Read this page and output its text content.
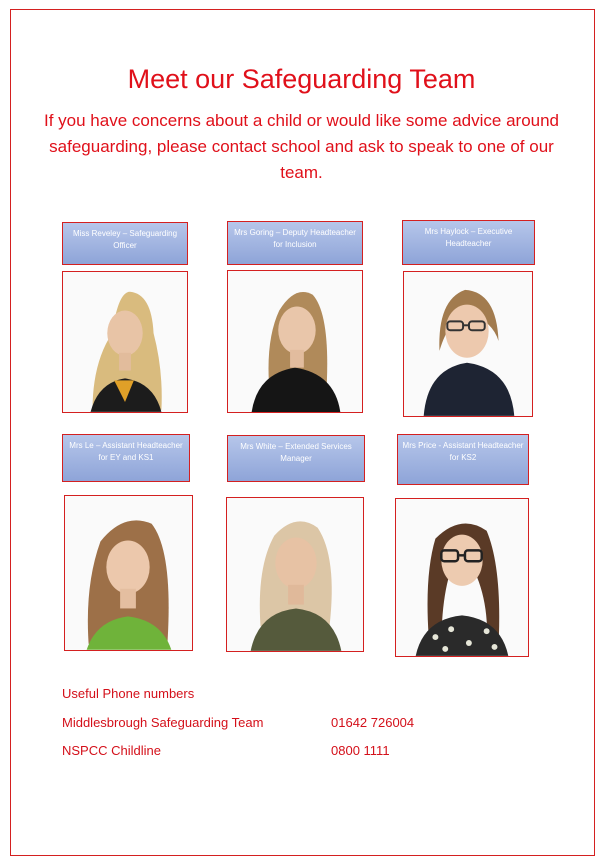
Meet our Safeguarding Team
If you have concerns about a child or would like some advice around safeguarding, please contact school and ask to speak to one of our team.
Miss Reveley – Safeguarding Officer
Mrs Goring – Deputy Headteacher for Inclusion
Mrs Haylock – Executive Headteacher
Mrs Le – Assistant Headteacher for EY and KS1
Mrs White – Extended Services Manager
Mrs Price - Assistant Headteacher for KS2
Useful Phone numbers
Middlesbrough Safeguarding Team	01642 726004
NSPCC Childline	0800 1111
